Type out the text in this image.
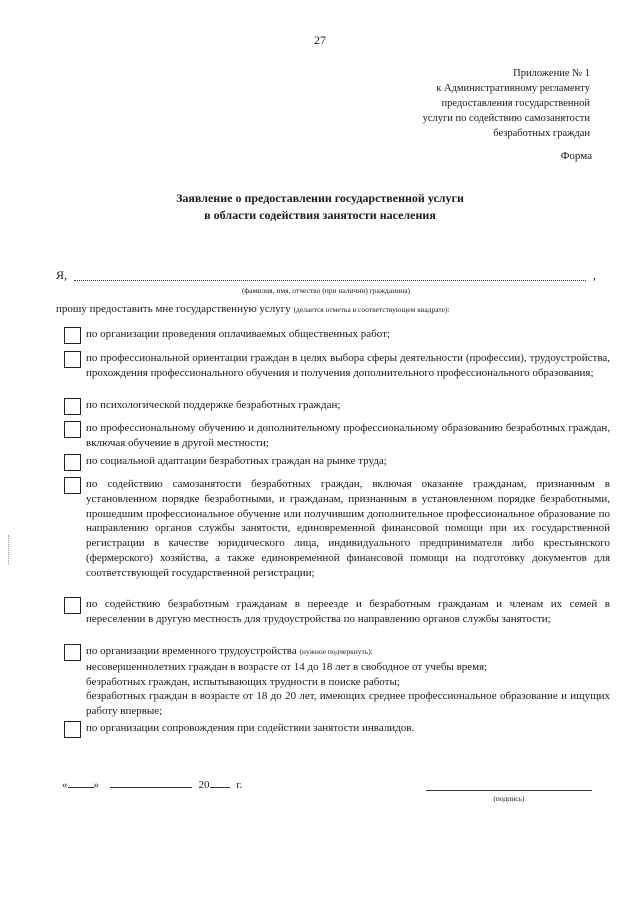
27
Приложение № 1
к Административному регламенту
предоставления государственной
услуги по содействию самозанятости
безработных граждан
Форма
Заявление о предоставлении государственной услуги
в области содействия занятости населения
Я,	,
(фамилия, имя, отчество (при наличии) гражданина)
прошу предоставить мне государственную услугу (делается отметка в соответствующем квадрате):
по организации проведения оплачиваемых общественных работ;
по профессиональной ориентации граждан в целях выбора сферы деятельности (профессии), трудоустройства, прохождения профессионального обучения и получения дополнительного профессионального образования;
по психологической поддержке безработных граждан;
по профессиональному обучению и дополнительному профессиональному образованию безработных граждан, включая обучение в другой местности;
по социальной адаптации безработных граждан на рынке труда;
по содействию самозанятости безработных граждан, включая оказание гражданам, признанным в установленном порядке безработными, и гражданам, признанным в установленном порядке безработными, прошедшим профессиональное обучение или получившим дополнительное профессиональное образование по направлению органов службы занятости, единовременной финансовой помощи при их государственной регистрации в качестве юридического лица, индивидуального предпринимателя либо крестьянского (фермерского) хозяйства, а также единовременной финансовой помощи на подготовку документов для соответствующей государственной регистрации;
по содействию безработным гражданам в переезде и безработным гражданам и членам их семей в переселении в другую местность для трудоустройства по направлению органов службы занятости;
по организации временного трудоустройства (нужное подчеркнуть):
несовершеннолетних граждан в возрасте от 14 до 18 лет в свободное от учебы время;
безработных граждан, испытывающих трудности в поиске работы;
безработных граждан в возрасте от 18 до 20 лет, имеющих среднее профессиональное образование и ищущих работу впервые;
по организации сопровождения при содействии занятости инвалидов.
« »	20 г.
(подпись)
